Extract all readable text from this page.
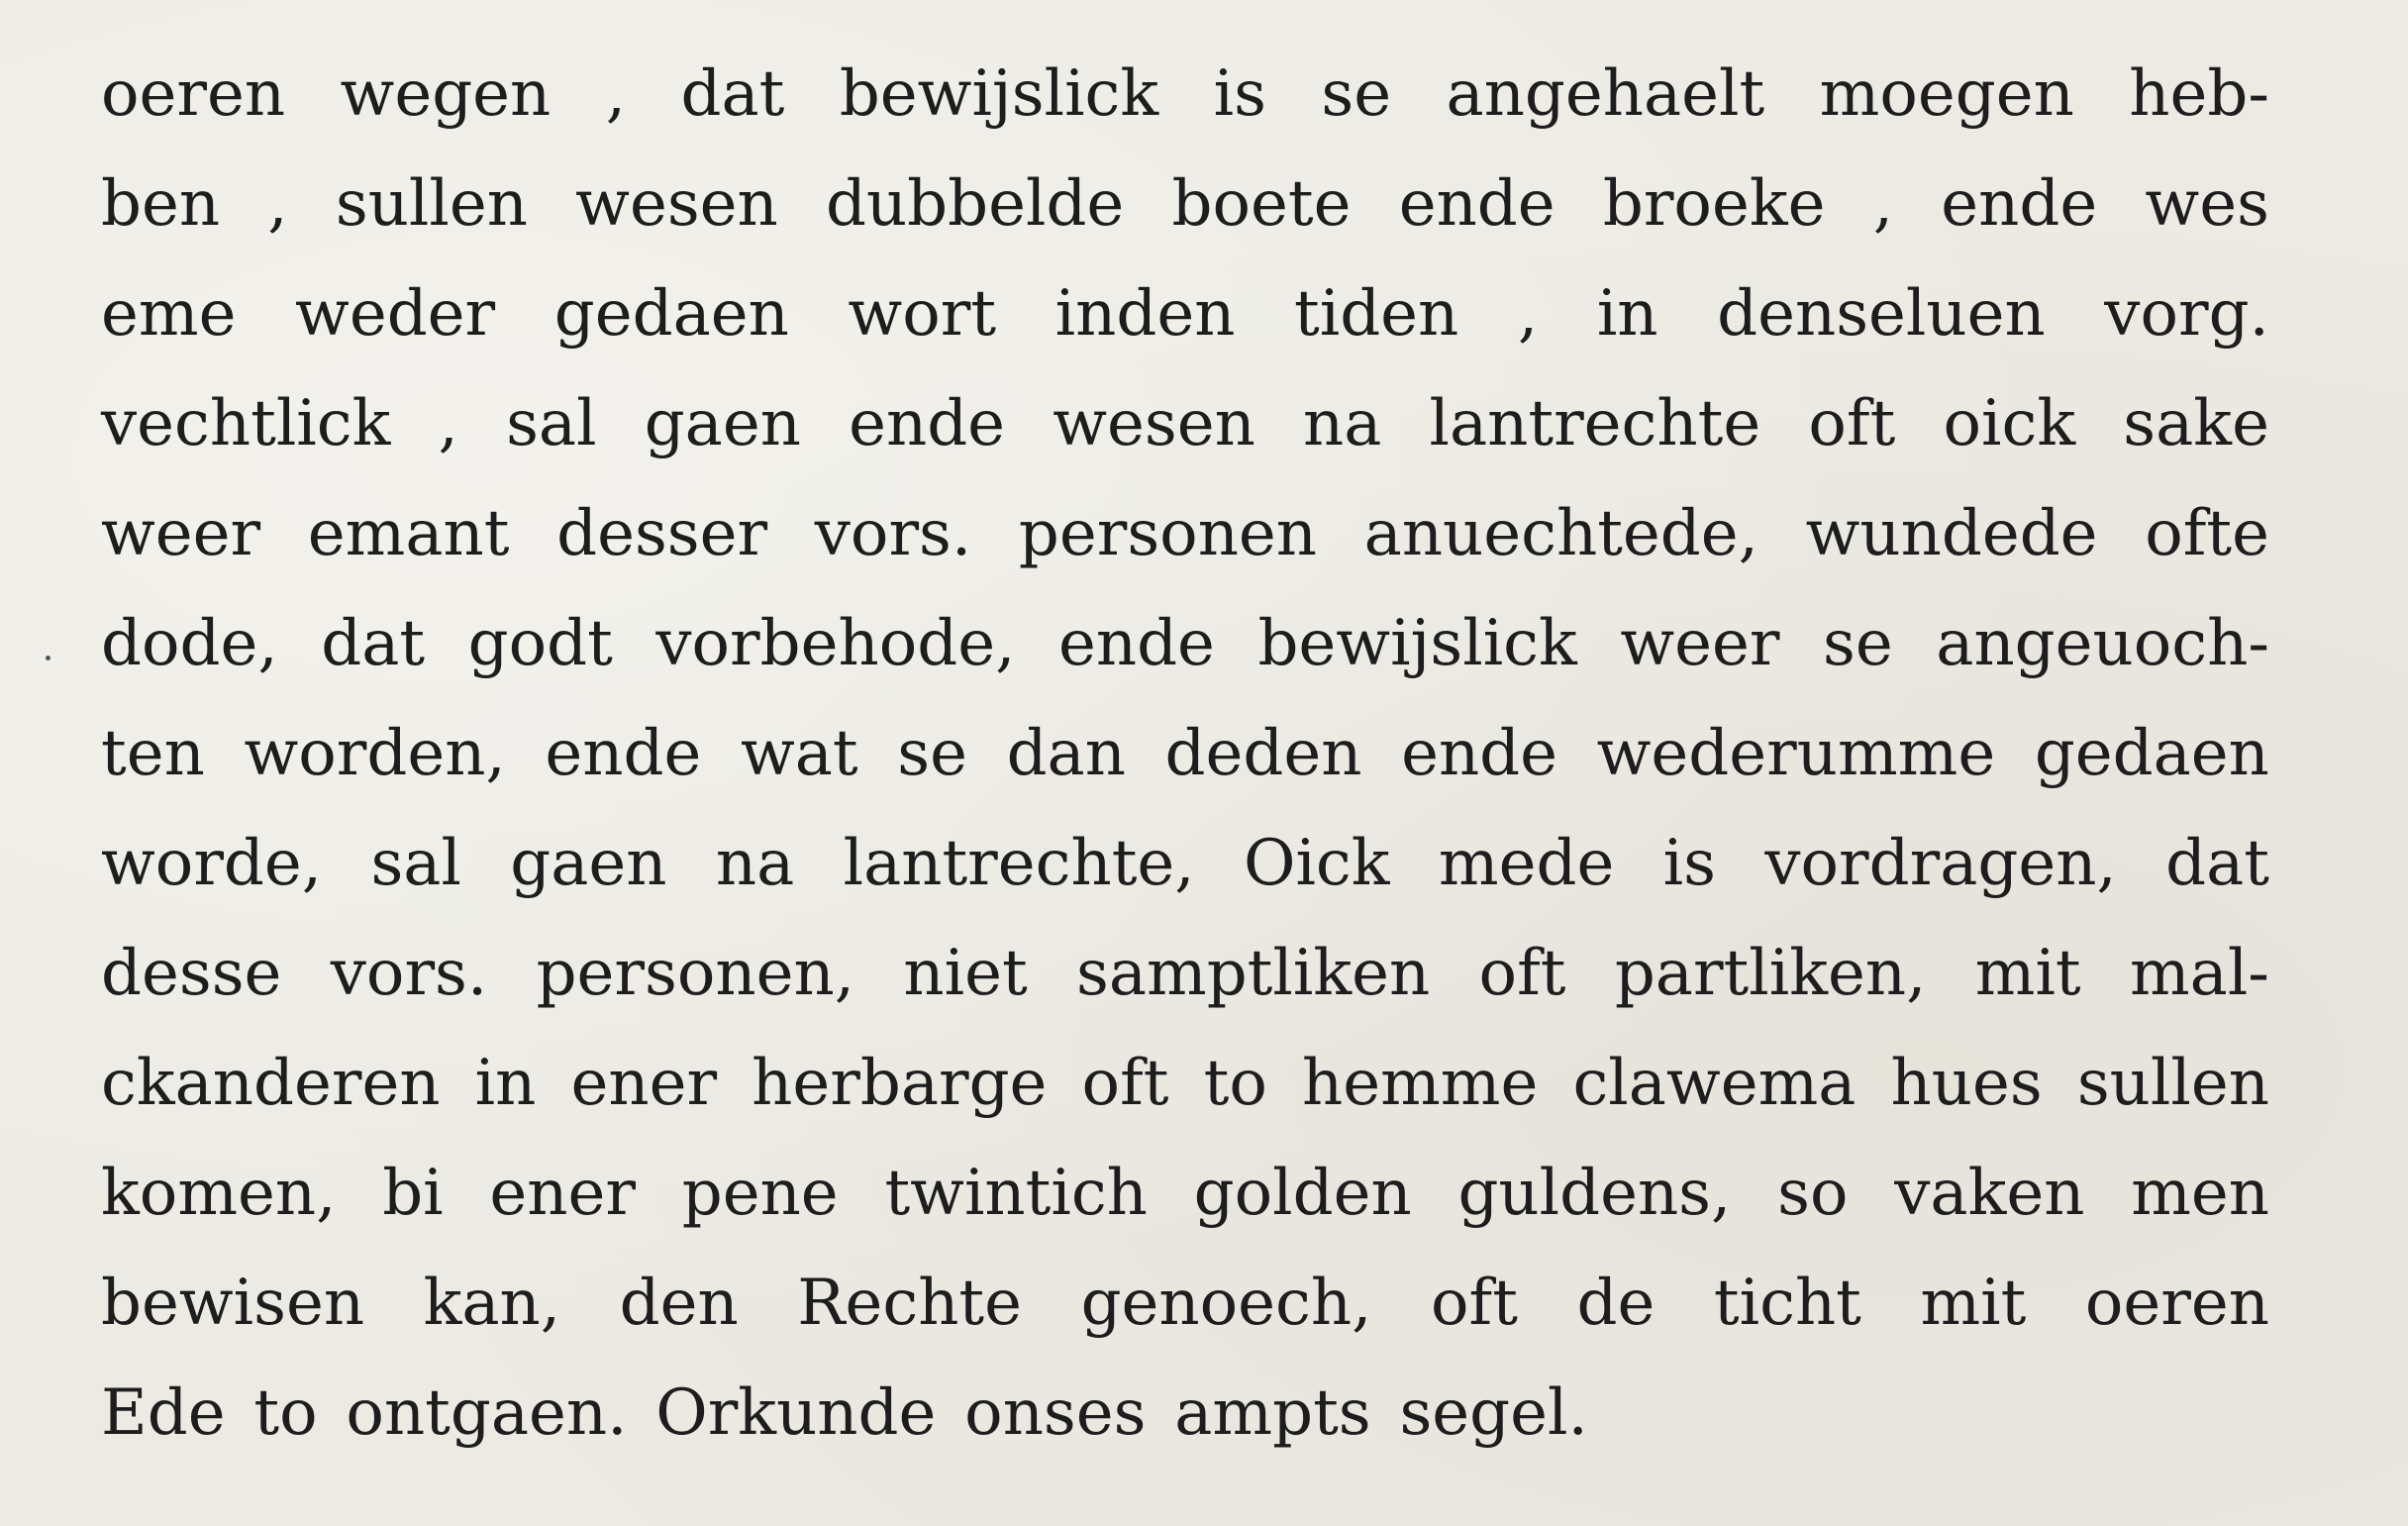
oeren wegen , dat bewijslick is se angehaelt moegen heb-
ben , sullen wesen dubbelde boete ende broeke , ende wes
eme weder gedaen wort inden tiden , in denseluen vorg.
vechtlick , sal gaen ende wesen na lantrechte oft oick sake
weer emant desser vors. personen anuechtede, wundede ofte
dode, dat godt vorbehode, ende bewijslick weer se angeuoch-
ten worden, ende wat se dan deden ende wederumme gedaen
worde, sal gaen na lantrechte, Oick mede is vordragen, dat
desse vors. personen, niet samptliken oft partliken, mit mal-
ckanderen in ener herbarge oft to hemme clawema hues sullen
komen, bi ener pene twintich golden guldens, so vaken men
bewisen kan, den Rechte genoech, oft de ticht mit oeren
Ede to ontgaen. Orkunde onses ampts segel.
